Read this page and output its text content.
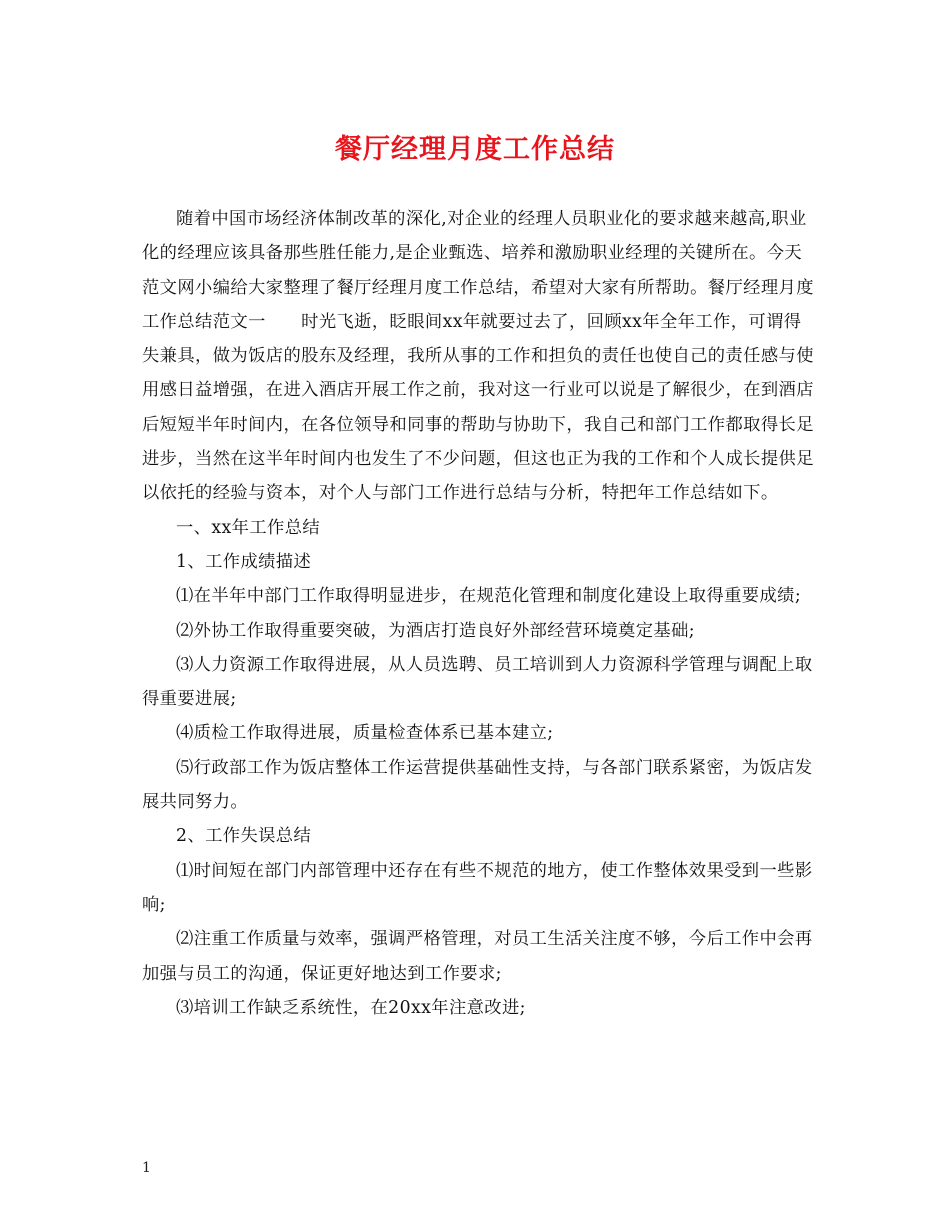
餐厅经理月度工作总结

随着中国市场经济体制改革的深化,对企业的经理人员职业化的要求越来越高,职业化的经理应该具备那些胜任能力,是企业甄选、培养和激励职业经理的关键所在。今天范文网小编给大家整理了餐厅经理月度工作总结，希望对大家有所帮助。餐厅经理月度工作总结范文一　　时光飞逝，眨眼间xx年就要过去了，回顾xx年全年工作，可谓得失兼具，做为饭店的股东及经理，我所从事的工作和担负的责任也使自己的责任感与使用感日益增强，在进入酒店开展工作之前，我对这一行业可以说是了解很少，在到酒店后短短半年时间内，在各位领导和同事的帮助与协助下，我自己和部门工作都取得长足进步，当然在这半年时间内也发生了不少问题，但这也正为我的工作和个人成长提供足以依托的经验与资本，对个人与部门工作进行总结与分析，特把年工作总结如下。

一、xx年工作总结

1、工作成绩描述

⑴在半年中部门工作取得明显进步，在规范化管理和制度化建设上取得重要成绩;

⑵外协工作取得重要突破，为酒店打造良好外部经营环境奠定基础;

⑶人力资源工作取得进展，从人员选聘、员工培训到人力资源科学管理与调配上取得重要进展;

⑷质检工作取得进展，质量检查体系已基本建立;

⑸行政部工作为饭店整体工作运营提供基础性支持，与各部门联系紧密，为饭店发展共同努力。

2、工作失误总结

⑴时间短在部门内部管理中还存在有些不规范的地方，使工作整体效果受到一些影响;

⑵注重工作质量与效率，强调严格管理，对员工生活关注度不够，今后工作中会再加强与员工的沟通，保证更好地达到工作要求;

⑶培训工作缺乏系统性，在20xx年注意改进;

1
